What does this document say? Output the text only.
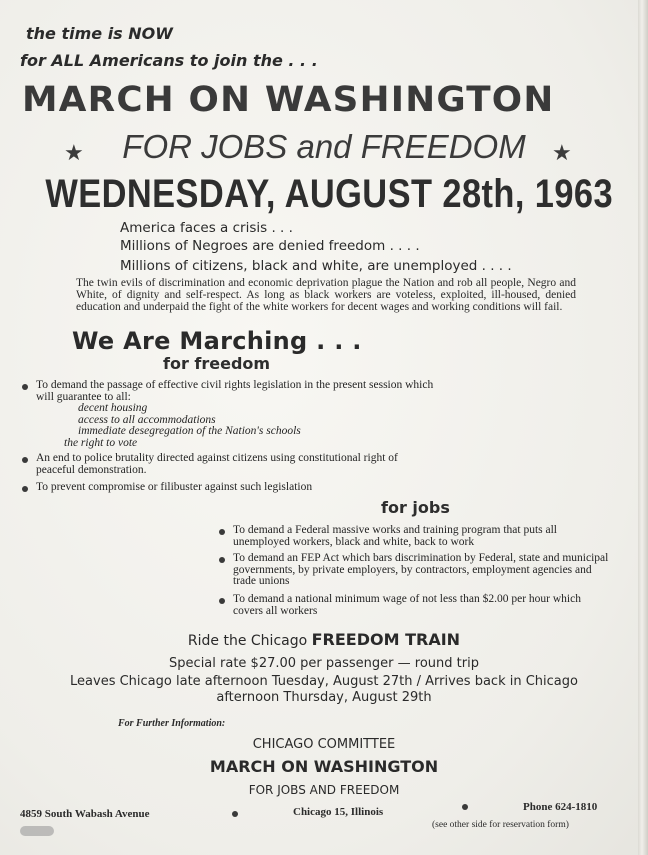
the time is NOW
for ALL Americans to join the . . .
MARCH ON WASHINGTON
★	FOR JOBS and FREEDOM	★
WEDNESDAY, AUGUST 28th, 1963
America faces a crisis . . .
Millions of Negroes are denied freedom . . . .
Millions of citizens, black and white, are unemployed . . . .
The twin evils of discrimination and economic deprivation plague the Nation and rob all people, Negro and White, of dignity and self-respect. As long as black workers are voteless, exploited, ill-housed, denied education and underpaid the fight of the white workers for decent wages and working conditions will fail.
We Are Marching . . .
for freedom
To demand the passage of effective civil rights legislation in the present session which will guarantee to all:
decent housing
access to all accommodations
immediate desegregation of the Nation's schools
the right to vote
An end to police brutality directed against citizens using constitutional right of peaceful demonstration.
To prevent compromise or filibuster against such legislation
for jobs
To demand a Federal massive works and training program that puts all unemployed workers, black and white, back to work
To demand an FEP Act which bars discrimination by Federal, state and municipal governments, by private employers, by contractors, employment agencies and trade unions
To demand a national minimum wage of not less than $2.00 per hour which covers all workers
Ride the Chicago FREEDOM TRAIN
Special rate $27.00 per passenger — round trip
Leaves Chicago late afternoon Tuesday, August 27th / Arrives back in Chicago
afternoon Thursday, August 29th
For Further Information:
CHICAGO COMMITTEE
MARCH ON WASHINGTON
FOR JOBS AND FREEDOM
4859 South Wabash Avenue	Chicago 15, Illinois	Phone 624-1810
(see other side for reservation form)
